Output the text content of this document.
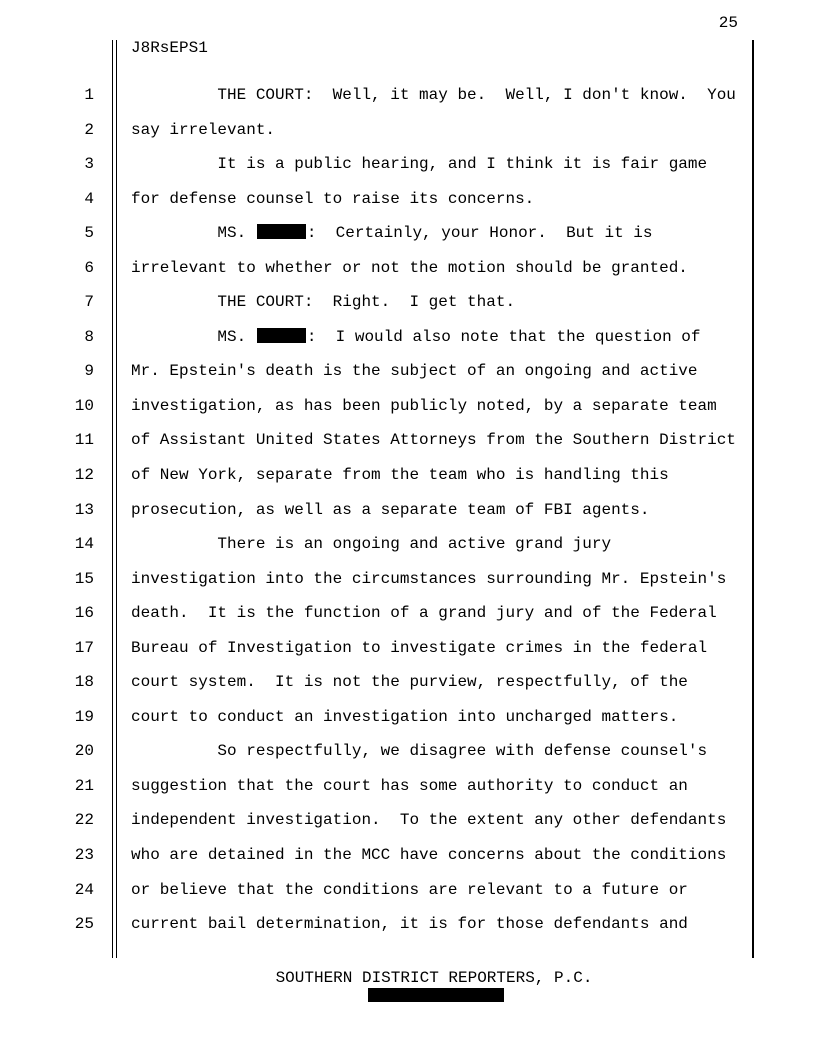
25
J8RsEPS1
1 THE COURT:  Well, it may be.  Well, I don't know.  You
2 say irrelevant.
3 It is a public hearing, and I think it is fair game
4 for defense counsel to raise its concerns.
5 MS.	:  Certainly, your Honor.  But it is
6 irrelevant to whether or not the motion should be granted.
7 THE COURT:  Right.  I get that.
8 MS.	:  I would also note that the question of
9 Mr. Epstein's death is the subject of an ongoing and active
10 investigation, as has been publicly noted, by a separate team
11 of Assistant United States Attorneys from the Southern District
12 of New York, separate from the team who is handling this
13 prosecution, as well as a separate team of FBI agents.
14 There is an ongoing and active grand jury
15 investigation into the circumstances surrounding Mr. Epstein's
16 death.  It is the function of a grand jury and of the Federal
17 Bureau of Investigation to investigate crimes in the federal
18 court system.  It is not the purview, respectfully, of the
19 court to conduct an investigation into uncharged matters.
20 So respectfully, we disagree with defense counsel's
21 suggestion that the court has some authority to conduct an
22 independent investigation.  To the extent any other defendants
23 who are detained in the MCC have concerns about the conditions
24 or believe that the conditions are relevant to a future or
25 current bail determination, it is for those defendants and
SOUTHERN DISTRICT REPORTERS, P.C.
